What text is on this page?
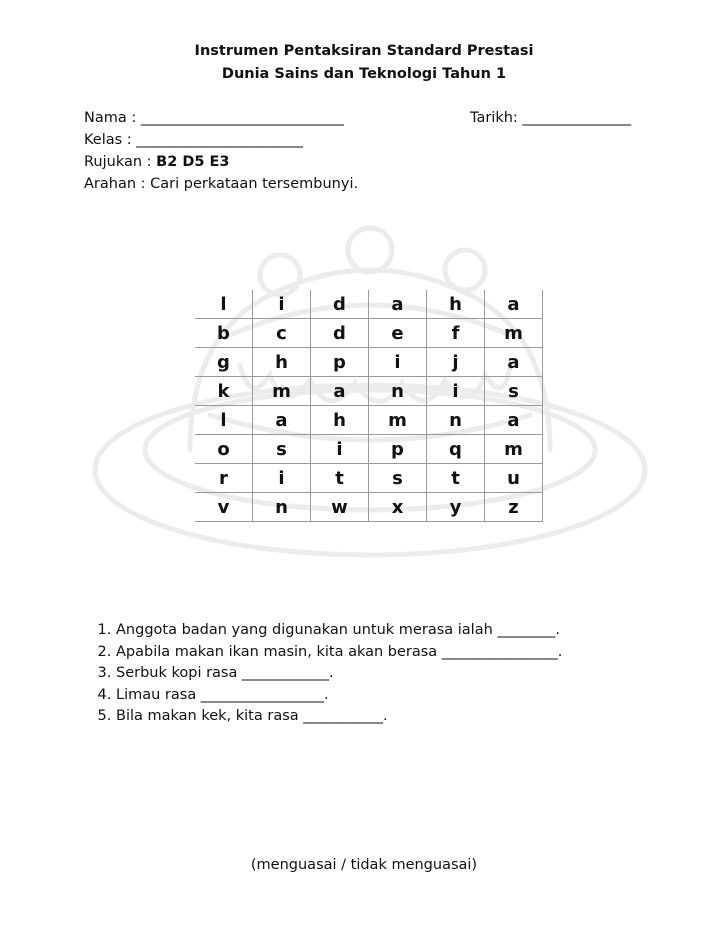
Instrumen Pentaksiran Standard Prestasi
Dunia Sains dan Teknologi Tahun 1
Nama : ____________________________	Tarikh: _______________
Kelas : _______________________
Rujukan : B2 D5 E3
Arahan : Cari perkataan tersembunyi.
l	i	d	a	h	a
b	c	d	e	f	m
g	h	p	i	j	a
k	m	a	n	i	s
l	a	h	m	n	a
o	s	i	p	q	m
r	i	t	s	t	u
v	n	w	x	y	z
1. Anggota badan yang digunakan untuk merasa ialah ________.
2. Apabila makan ikan masin, kita akan berasa ________________.
3. Serbuk kopi rasa ____________.
4. Limau rasa _________________.
5. Bila makan kek, kita rasa ___________.
(menguasai / tidak menguasai)
